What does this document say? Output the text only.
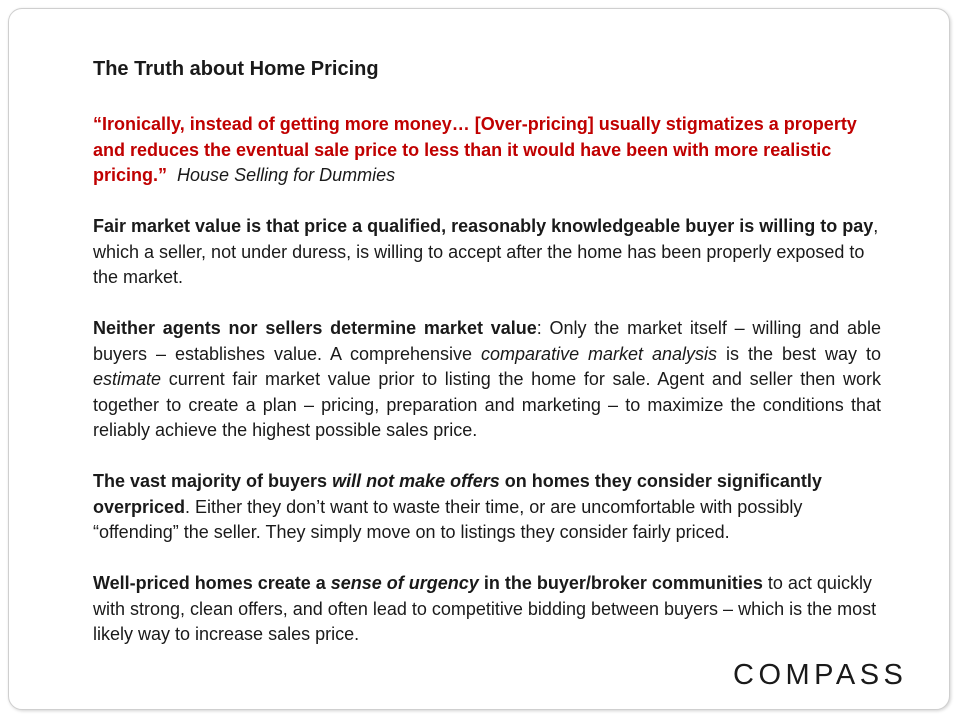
The Truth about Home Pricing
“Ironically, instead of getting more money… [Over-pricing] usually stigmatizes a property and reduces the eventual sale price to less than it would have been with more realistic pricing.” House Selling for Dummies
Fair market value is that price a qualified, reasonably knowledgeable buyer is willing to pay, which a seller, not under duress, is willing to accept after the home has been properly exposed to the market.
Neither agents nor sellers determine market value: Only the market itself – willing and able buyers – establishes value. A comprehensive comparative market analysis is the best way to estimate current fair market value prior to listing the home for sale. Agent and seller then work together to create a plan – pricing, preparation and marketing – to maximize the conditions that reliably achieve the highest possible sales price.
The vast majority of buyers will not make offers on homes they consider significantly overpriced. Either they don’t want to waste their time, or are uncomfortable with possibly “offending” the seller. They simply move on to listings they consider fairly priced.
Well-priced homes create a sense of urgency in the buyer/broker communities to act quickly with strong, clean offers, and often lead to competitive bidding between buyers – which is the most likely way to increase sales price.
COMPASS
